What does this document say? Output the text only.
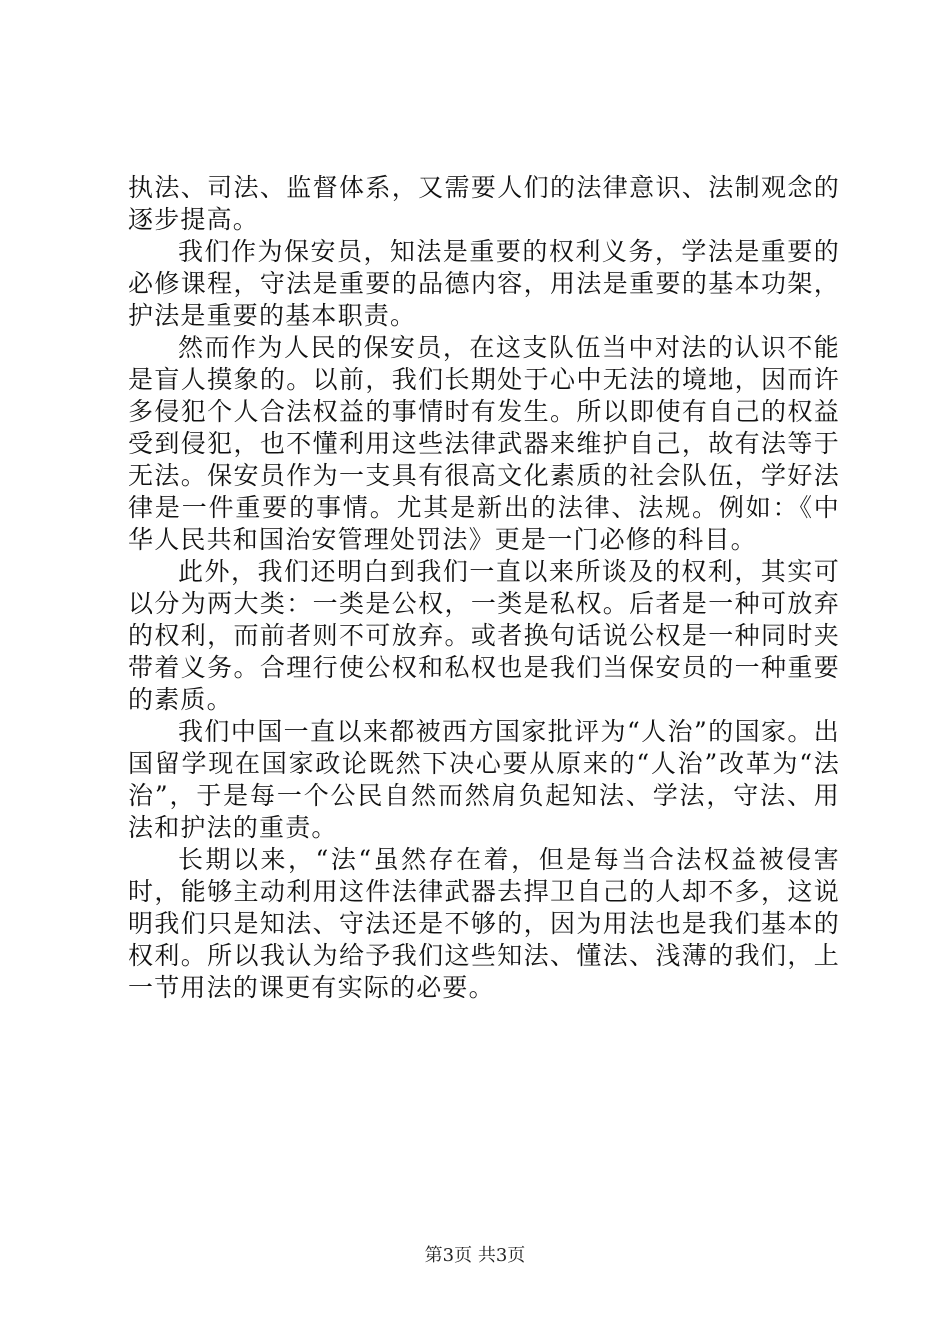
执法、司法、监督体系，又需要人们的法律意识、法制观念的逐步提高。

我们作为保安员，知法是重要的权利义务，学法是重要的必修课程，守法是重要的品德内容，用法是重要的基本功架，护法是重要的基本职责。

然而作为人民的保安员，在这支队伍当中对法的认识不能是盲人摸象的。以前，我们长期处于心中无法的境地，因而许多侵犯个人合法权益的事情时有发生。所以即使有自己的权益受到侵犯，也不懂利用这些法律武器来维护自己，故有法等于无法。保安员作为一支具有很高文化素质的社会队伍，学好法律是一件重要的事情。尤其是新出的法律、法规。例如：《中华人民共和国治安管理处罚法》更是一门必修的科目。

此外，我们还明白到我们一直以来所谈及的权利，其实可以分为两大类：一类是公权，一类是私权。后者是一种可放弃的权利，而前者则不可放弃。或者换句话说公权是一种同时夹带着义务。合理行使公权和私权也是我们当保安员的一种重要的素质。

我们中国一直以来都被西方国家批评为“人治”的国家。出国留学现在国家政论既然下决心要从原来的“人治”改革为“法治”，于是每一个公民自然而然肩负起知法、学法，守法、用法和护法的重责。

长期以来，“法“虽然存在着，但是每当合法权益被侵害时，能够主动利用这件法律武器去捍卫自己的人却不多，这说明我们只是知法、守法还是不够的，因为用法也是我们基本的权利。所以我认为给予我们这些知法、懂法、浅薄的我们，上一节用法的课更有实际的必要。

第3页 共3页
